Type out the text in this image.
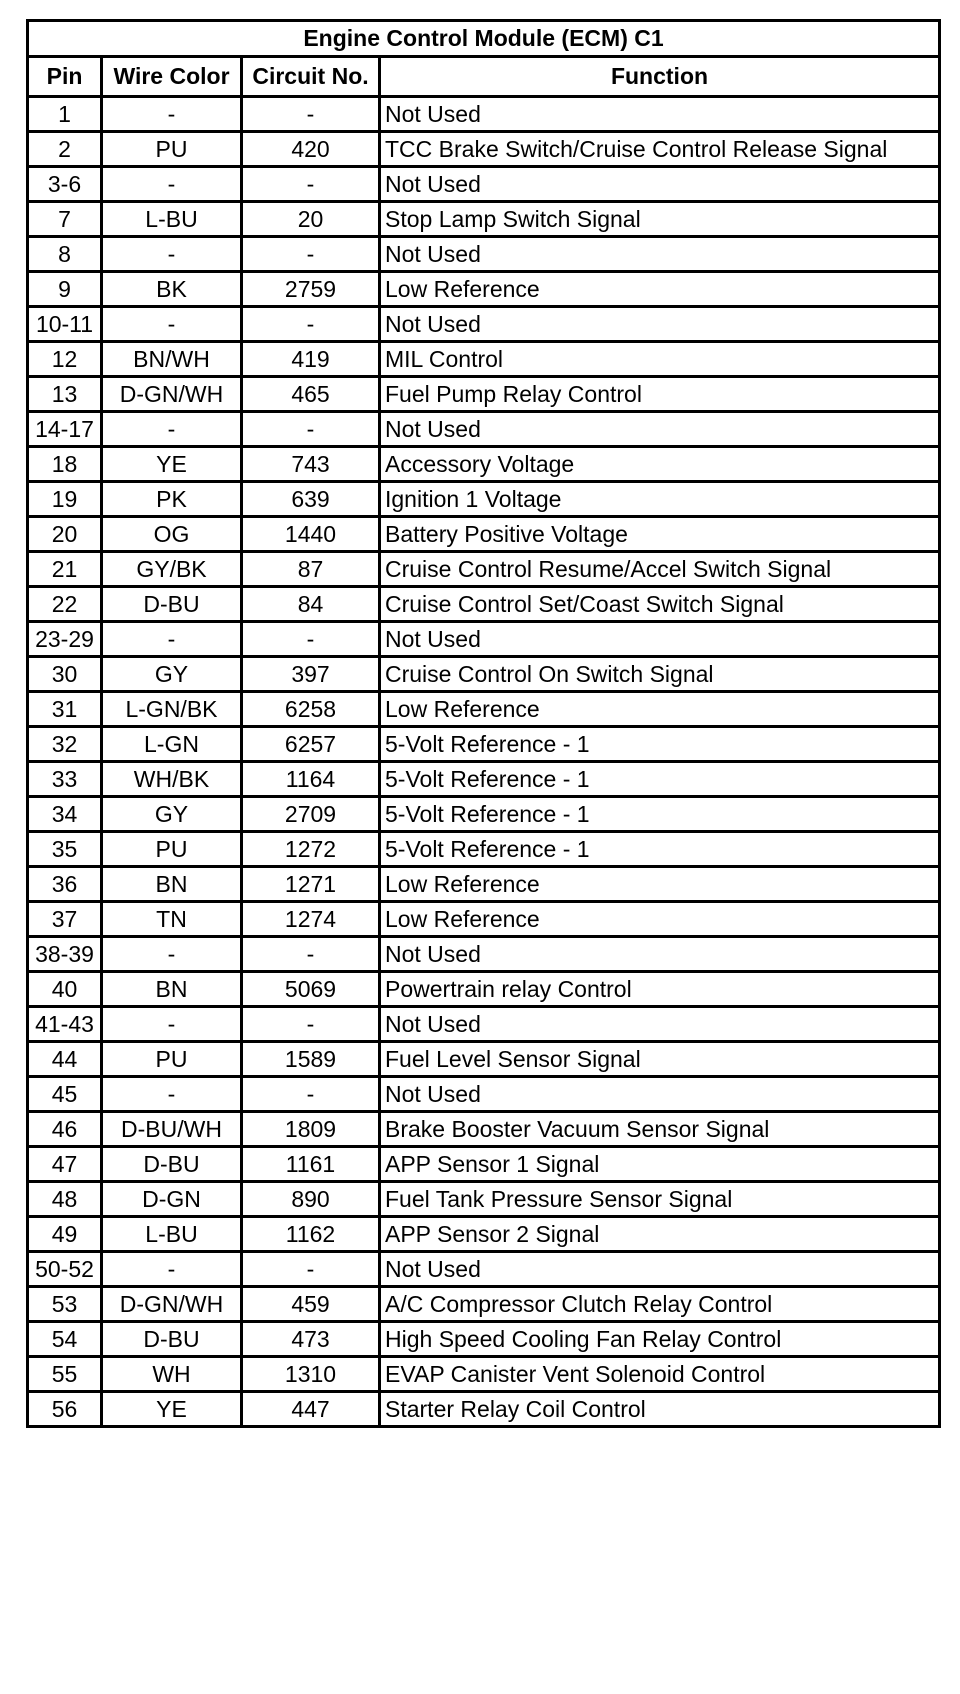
Engine Control Module (ECM) C1			
Pin	Wire Color	Circuit No.	Function
1	-	-	Not Used
2	PU	420	TCC Brake Switch/Cruise Control Release Signal
3-6	-	-	Not Used
7	L-BU	20	Stop Lamp Switch Signal
8	-	-	Not Used
9	BK	2759	Low Reference
10-11	-	-	Not Used
12	BN/WH	419	MIL Control
13	D-GN/WH	465	Fuel Pump Relay Control
14-17	-	-	Not Used
18	YE	743	Accessory Voltage
19	PK	639	Ignition 1 Voltage
20	OG	1440	Battery Positive Voltage
21	GY/BK	87	Cruise Control Resume/Accel Switch Signal
22	D-BU	84	Cruise Control Set/Coast Switch Signal
23-29	-	-	Not Used
30	GY	397	Cruise Control On Switch Signal
31	L-GN/BK	6258	Low Reference
32	L-GN	6257	5-Volt Reference - 1
33	WH/BK	1164	5-Volt Reference - 1
34	GY	2709	5-Volt Reference - 1
35	PU	1272	5-Volt Reference - 1
36	BN	1271	Low Reference
37	TN	1274	Low Reference
38-39	-	-	Not Used
40	BN	5069	Powertrain relay Control
41-43	-	-	Not Used
44	PU	1589	Fuel Level Sensor Signal
45	-	-	Not Used
46	D-BU/WH	1809	Brake Booster Vacuum Sensor Signal
47	D-BU	1161	APP Sensor 1 Signal
48	D-GN	890	Fuel Tank Pressure Sensor Signal
49	L-BU	1162	APP Sensor 2 Signal
50-52	-	-	Not Used
53	D-GN/WH	459	A/C Compressor Clutch Relay Control
54	D-BU	473	High Speed Cooling Fan Relay Control
55	WH	1310	EVAP Canister Vent Solenoid Control
56	YE	447	Starter Relay Coil Control
